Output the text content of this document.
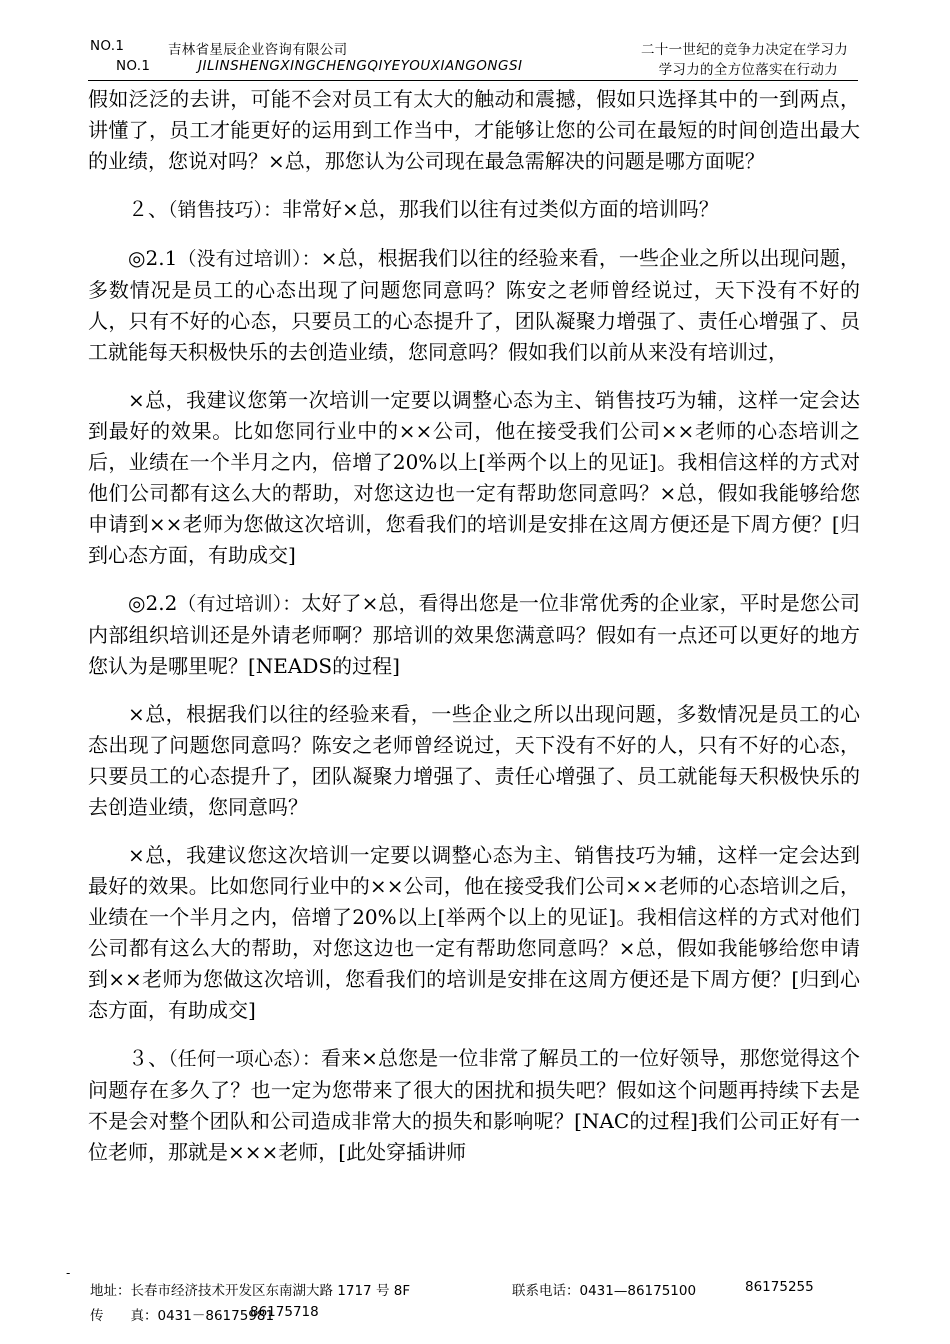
NO.1	吉林省星辰企业咨询有限公司	二十一世纪的竞争力决定在学习力
NO.1	JILINSHENGXINGCHENGQIYEYOUXIANGONGSI	学习力的全方位落实在行动力

假如泛泛的去讲，可能不会对员工有太大的触动和震撼，假如只选择其中的一到两点，讲懂了，员工才能更好的运用到工作当中，才能够让您的公司在最短的时间创造出最大的业绩，您说对吗？×总，那您认为公司现在最急需解决的问题是哪方面呢？

２、（销售技巧）：非常好×总，那我们以往有过类似方面的培训吗？

◎2.1（没有过培训）：×总，根据我们以往的经验来看，一些企业之所以出现问题，多数情况是员工的心态出现了问题您同意吗？陈安之老师曾经说过，天下没有不好的人，只有不好的心态，只要员工的心态提升了，团队凝聚力增强了、责任心增强了、员工就能每天积极快乐的去创造业绩，您同意吗？假如我们以前从来没有培训过，

×总，我建议您第一次培训一定要以调整心态为主、销售技巧为辅，这样一定会达到最好的效果。比如您同行业中的××公司，他在接受我们公司××老师的心态培训之后，业绩在一个半月之内，倍增了20%以上[举两个以上的见证]。我相信这样的方式对他们公司都有这么大的帮助，对您这边也一定有帮助您同意吗？×总，假如我能够给您申请到××老师为您做这次培训，您看我们的培训是安排在这周方便还是下周方便？[归到心态方面，有助成交]

◎2.2（有过培训）：太好了×总，看得出您是一位非常优秀的企业家，平时是您公司内部组织培训还是外请老师啊？那培训的效果您满意吗？假如有一点还可以更好的地方您认为是哪里呢？[NEADS的过程]

×总，根据我们以往的经验来看，一些企业之所以出现问题，多数情况是员工的心态出现了问题您同意吗？陈安之老师曾经说过，天下没有不好的人，只有不好的心态，只要员工的心态提升了，团队凝聚力增强了、责任心增强了、员工就能每天积极快乐的去创造业绩，您同意吗？

×总，我建议您这次培训一定要以调整心态为主、销售技巧为辅，这样一定会达到最好的效果。比如您同行业中的××公司，他在接受我们公司××老师的心态培训之后，业绩在一个半月之内，倍增了20%以上[举两个以上的见证]。我相信这样的方式对他们公司都有这么大的帮助，对您这边也一定有帮助您同意吗？×总，假如我能够给您申请到××老师为您做这次培训，您看我们的培训是安排在这周方便还是下周方便？[归到心态方面，有助成交]

３、（任何一项心态）：看来×总您是一位非常了解员工的一位好领导，那您觉得这个问题存在多久了？也一定为您带来了很大的困扰和损失吧？假如这个问题再持续下去是不是会对整个团队和公司造成非常大的损失和影响呢？[NAC的过程]我们公司正好有一位老师，那就是×××老师，[此处穿插讲师

-
地址：长春市经济技术开发区东南湖大路 1717 号 8F	联系电话：0431—86175100	86175255
传　　真：0431－86175981
86175718
